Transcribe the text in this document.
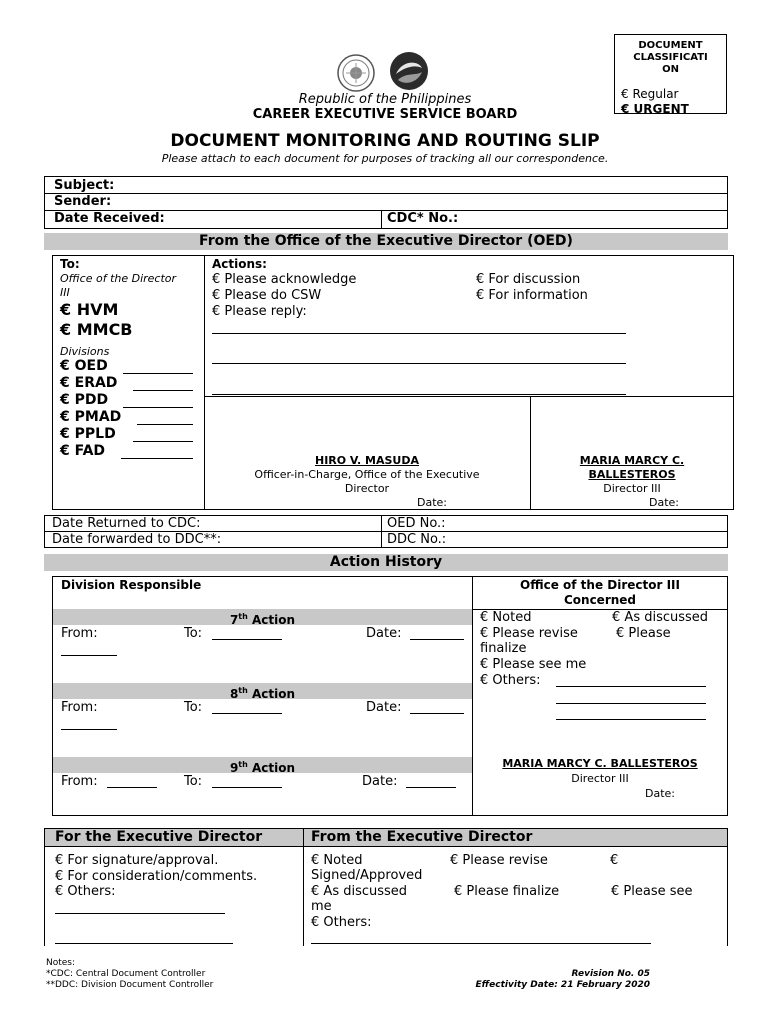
Republic of the Philippines
CAREER EXECUTIVE SERVICE BOARD
DOCUMENT MONITORING AND ROUTING SLIP
Please attach to each document for purposes of tracking all our correspondence.
DOCUMENT
CLASSIFICATI
ON
€ Regular
€ URGENT
Subject:
Sender:
Date Received:	CDC* No.:
From the Office of the Executive Director (OED)
To:
Office of the Director
III
€ HVM
€ MMCB
Divisions
€ OED
€ ERAD
€ PDD
€ PMAD
€ PPLD
€ FAD
Actions:
€ Please acknowledge
€ Please do CSW
€ Please reply:
€ For discussion
€ For information
HIRO V. MASUDA
Officer-in-Charge, Office of the Executive
Director
Date:
MARIA MARCY C.
BALLESTEROS
Director III
Date:
Date Returned to CDC:	OED No.:
Date forwarded to DDC**:	DDC No.:
Action History
Division Responsible	Office of the Director III
Concerned
7th Action
From:	To:	Date:
8th Action
From:	To:	Date:
9th Action
From:	To:	Date:
€ Noted	€ As discussed
€ Please revise	€ Please
finalize
€ Please see me
€ Others:
MARIA MARCY C. BALLESTEROS
Director III
Date:
For the Executive Director	From the Executive Director
€ For signature/approval.
€ For consideration/comments.
€ Others:
€ Noted	€ Please revise	€
Signed/Approved
€ As discussed	€ Please finalize	€ Please see
me
€ Others:
Notes:
*CDC: Central Document Controller
**DDC: Division Document Controller
Revision No. 05
Effectivity Date: 21 February 2020
